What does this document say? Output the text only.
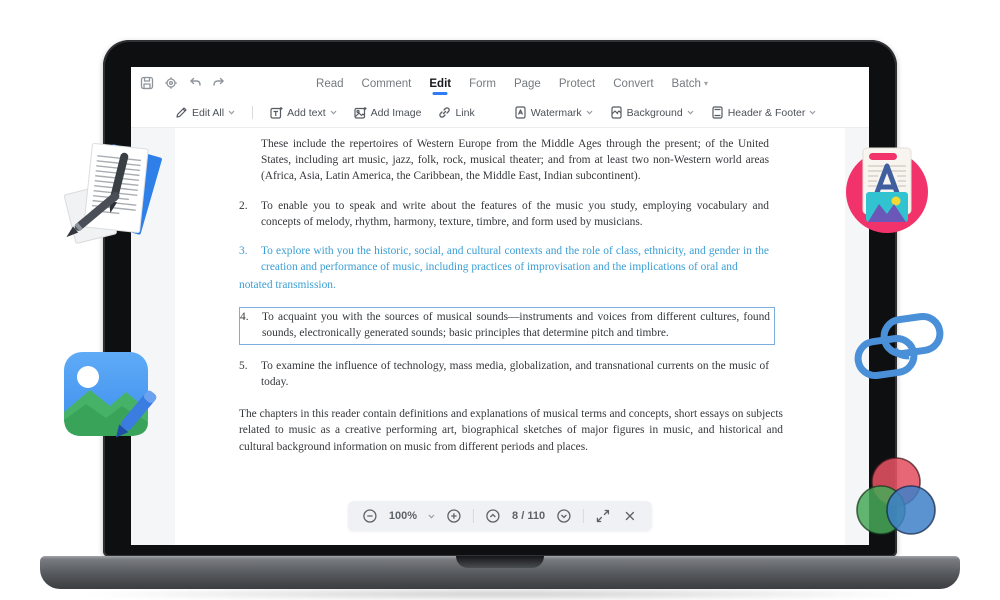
Read Comment Edit Form Page Protect Convert Batch ▾
Edit All	Add text	Add Image	Link	Watermark	Background	Header & Footer

These include the repertoires of Western Europe from the Middle Ages through the present; of the United States, including art music, jazz, folk, rock, musical theater; and from at least two non-Western world areas (Africa, Asia, Latin America, the Caribbean, the Middle East, Indian subcontinent).

2.	To enable you to speak and write about the features of the music you study, employing vocabulary and concepts of melody, rhythm, harmony, texture, timbre, and form used by musicians.
3.	To explore with you the historic, social, and cultural contexts and the role of class, ethnicity, and gender in the creation and performance of music, including practices of improvisation and the implications of oral and
notated transmission.
4.	To acquaint you with the sources of musical sounds—instruments and voices from different cultures, found sounds, electronically generated sounds; basic principles that determine pitch and timbre.
5.	To examine the influence of technology, mass media, globalization, and transnational currents on the music of today.

The chapters in this reader contain definitions and explanations of musical terms and concepts, short essays on subjects related to music as a creative performing art, biographical sketches of major figures in music, and historical and cultural background information on music from different periods and places.

100%	8 / 110
